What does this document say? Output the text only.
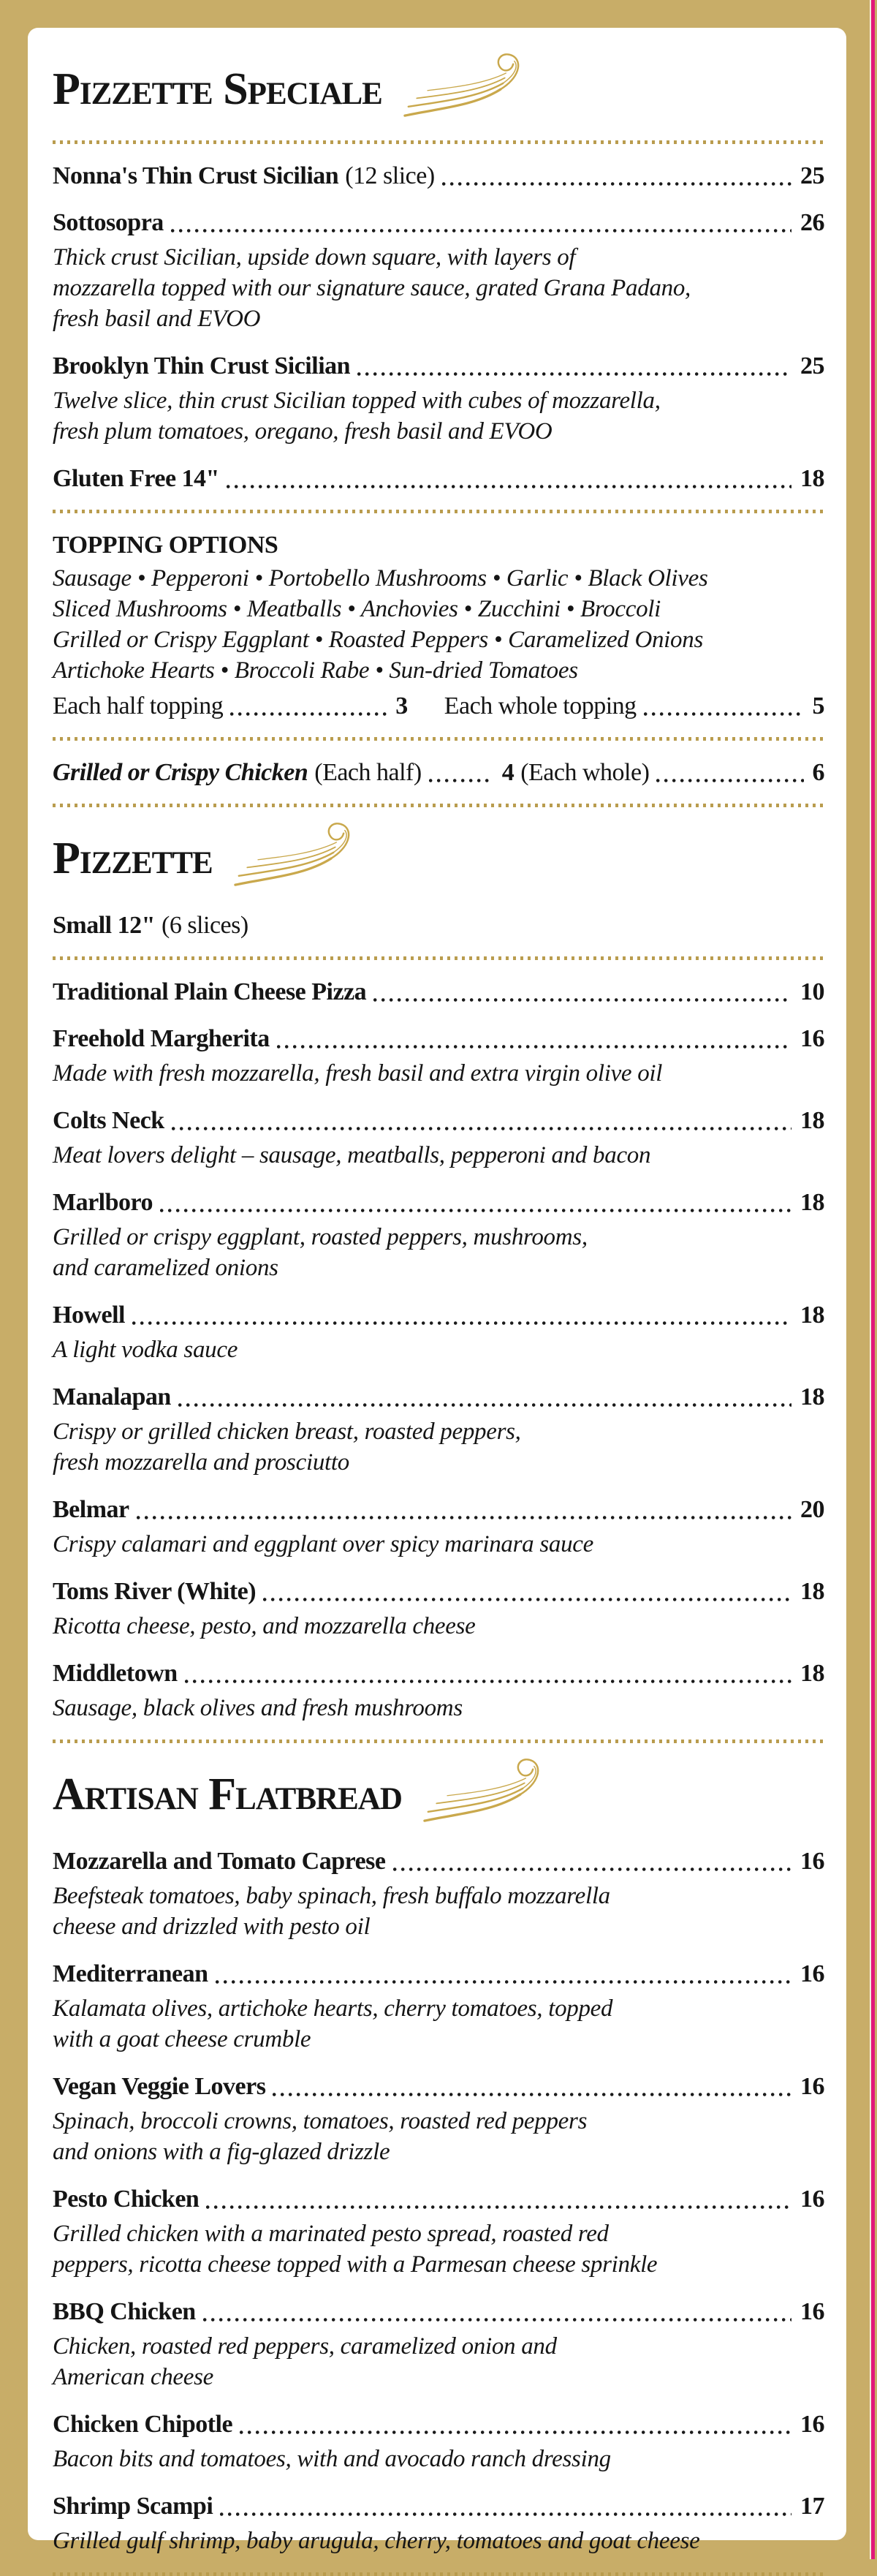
Pizzette Speciale
Nonna's Thin Crust Sicilian (12 slice)	25
Sottosopra	26
Thick crust Sicilian, upside down square, with layers of
mozzarella topped with our signature sauce, grated Grana Padano,
fresh basil and EVOO
Brooklyn Thin Crust Sicilian	25
Twelve slice, thin crust Sicilian topped with cubes of mozzarella,
fresh plum tomatoes, oregano, fresh basil and EVOO
Gluten Free 14"	18
TOPPING OPTIONS
Sausage • Pepperoni • Portobello Mushrooms • Garlic • Black Olives
Sliced Mushrooms • Meatballs • Anchovies • Zucchini • Broccoli
Grilled or Crispy Eggplant • Roasted Peppers • Caramelized Onions
Artichoke Hearts • Broccoli Rabe • Sun-dried Tomatoes
Each half topping	3 Each whole topping	5
Grilled or Crispy Chicken (Each half)	4 (Each whole)	6
Pizzette
Small 12" (6 slices)
Traditional Plain Cheese Pizza	10
Freehold Margherita	16
Made with fresh mozzarella, fresh basil and extra virgin olive oil
Colts Neck	18
Meat lovers delight – sausage, meatballs, pepperoni and bacon
Marlboro	18
Grilled or crispy eggplant, roasted peppers, mushrooms,
and caramelized onions
Howell	18
A light vodka sauce
Manalapan	18
Crispy or grilled chicken breast, roasted peppers,
fresh mozzarella and prosciutto
Belmar	20
Crispy calamari and eggplant over spicy marinara sauce
Toms River (White)	18
Ricotta cheese, pesto, and mozzarella cheese
Middletown	18
Sausage, black olives and fresh mushrooms
Artisan Flatbread
Mozzarella and Tomato Caprese	16
Beefsteak tomatoes, baby spinach, fresh buffalo mozzarella
cheese and drizzled with pesto oil
Mediterranean	16
Kalamata olives, artichoke hearts, cherry tomatoes, topped
with a goat cheese crumble
Vegan Veggie Lovers	16
Spinach, broccoli crowns, tomatoes, roasted red peppers
and onions with a fig-glazed drizzle
Pesto Chicken	16
Grilled chicken with a marinated pesto spread, roasted red
peppers, ricotta cheese topped with a Parmesan cheese sprinkle
BBQ Chicken	16
Chicken, roasted red peppers, caramelized onion and
American cheese
Chicken Chipotle	16
Bacon bits and tomatoes, with and avocado ranch dressing
Shrimp Scampi	17
Grilled gulf shrimp, baby arugula, cherry, tomatoes and goat cheese
